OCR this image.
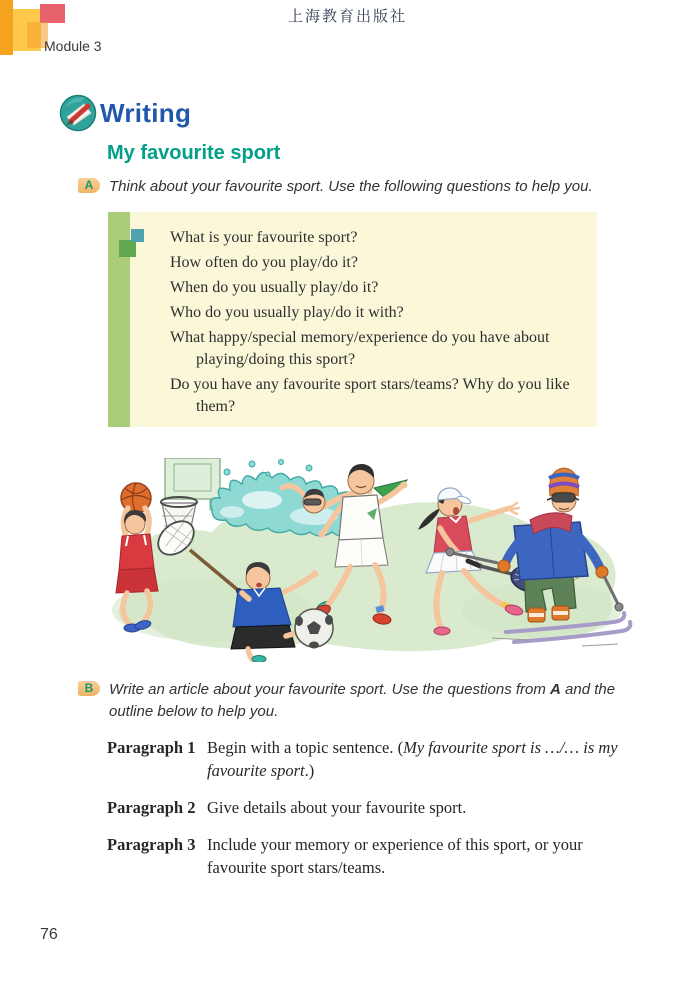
上海教育出版社
Module 3
Writing
My favourite sport
A	Think about your favourite sport. Use the following questions to help you.

What is your favourite sport?
How often do you play/do it?
When do you usually play/do it?
Who do you usually play/do it with?
What happy/special memory/experience do you have about playing/doing this sport?
Do you have any favourite sport stars/teams? Why do you like them?
B	Write an article about your favourite sport. Use the questions from A and the outline below to help you.

Paragraph 1 Begin with a topic sentence. (My favourite sport is …/… is my favourite sport.)
Paragraph 2 Give details about your favourite sport.
Paragraph 3 Include your memory or experience of this sport, or your favourite sport stars/teams.
76
